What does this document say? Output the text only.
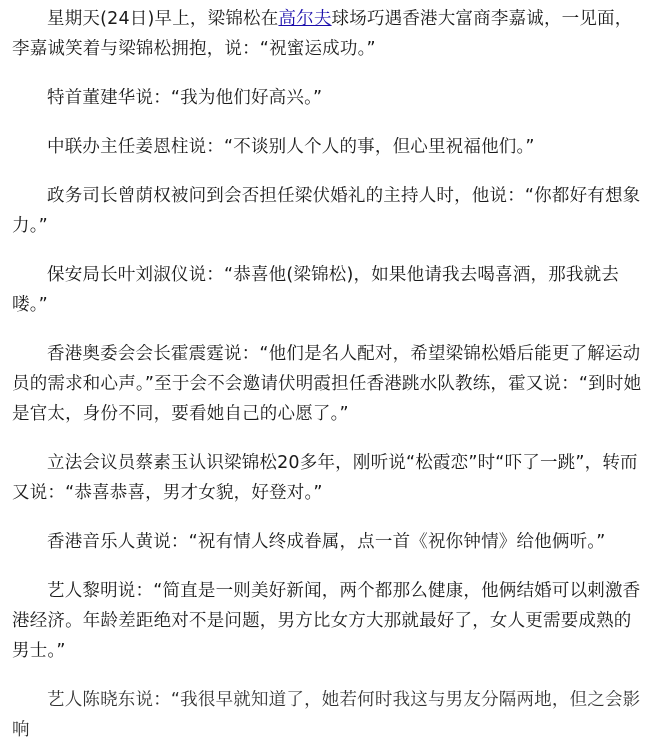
星期天(24日)早上，梁锦松在高尔夫球场巧遇香港大富商李嘉诚，一见面，李嘉诚笑着与梁锦松拥抱，说：“祝蜜运成功。”

特首董建华说：“我为他们好高兴。”

中联办主任姜恩柱说：“不谈别人个人的事，但心里祝福他们。”

政务司长曾荫权被问到会否担任梁伏婚礼的主持人时，他说：“你都好有想象力。”

保安局长叶刘淑仪说：“恭喜他(梁锦松)，如果他请我去喝喜酒，那我就去喽。”

香港奥委会会长霍震霆说：“他们是名人配对，希望梁锦松婚后能更了解运动员的需求和心声。”至于会不会邀请伏明霞担任香港跳水队教练，霍又说：“到时她是官太，身份不同，要看她自己的心愿了。”

立法会议员蔡素玉认识梁锦松20多年，刚听说“松霞恋”时“吓了一跳”，转而又说：“恭喜恭喜，男才女貌，好登对。”

香港音乐人黄说：“祝有情人终成眷属，点一首《祝你钟情》给他俩听。”

艺人黎明说：“简直是一则美好新闻，两个都那么健康，他俩结婚可以刺激香港经济。年龄差距绝对不是问题，男方比女方大那就最好了，女人更需要成熟的男士。”

艺人陈晓东说：“我很早就知道了，她若何时我这与男友分隔两地，但之会影响
